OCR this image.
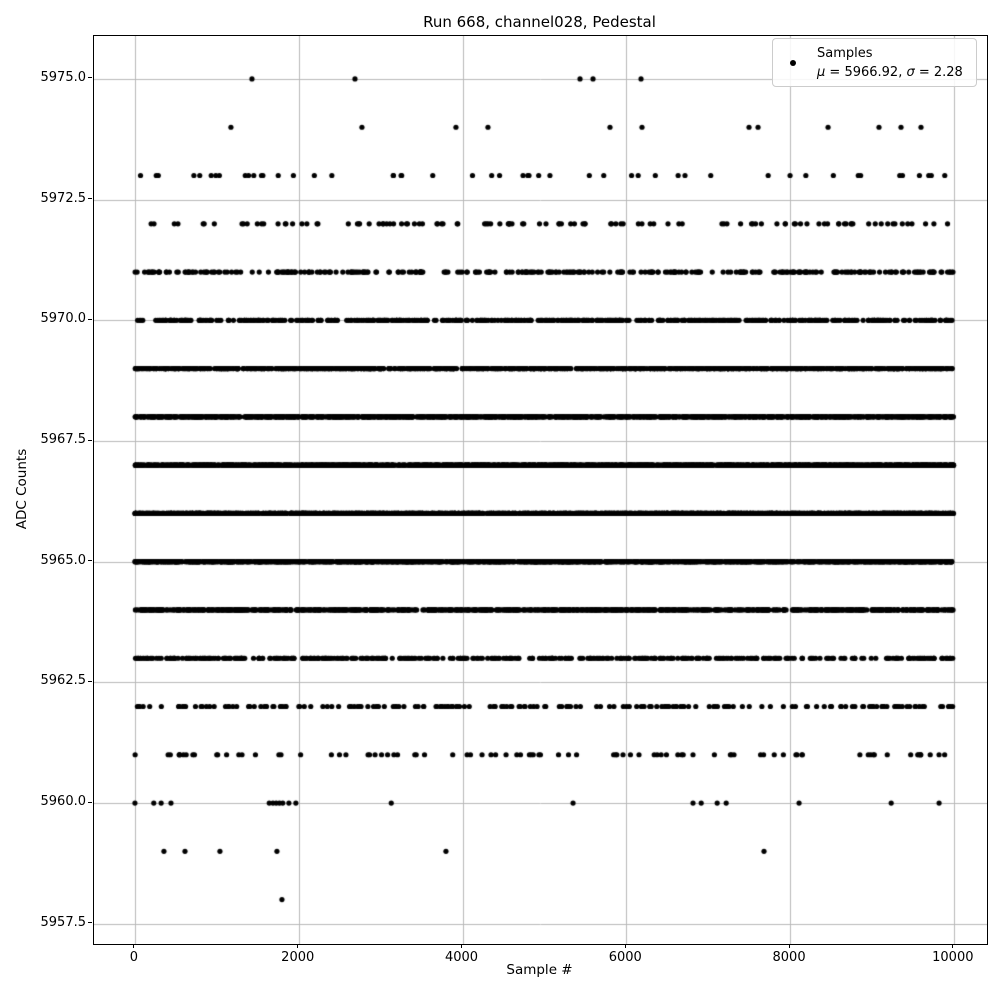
Run 668, channel028, Pedestal
0	2000	4000	6000	8000	10000
5957.5
5960.0
5962.5
5965.0
5967.5
5970.0
5972.5
5975.0
Sample #
ADC Counts
Samples
μ = 5966.92, σ = 2.28
